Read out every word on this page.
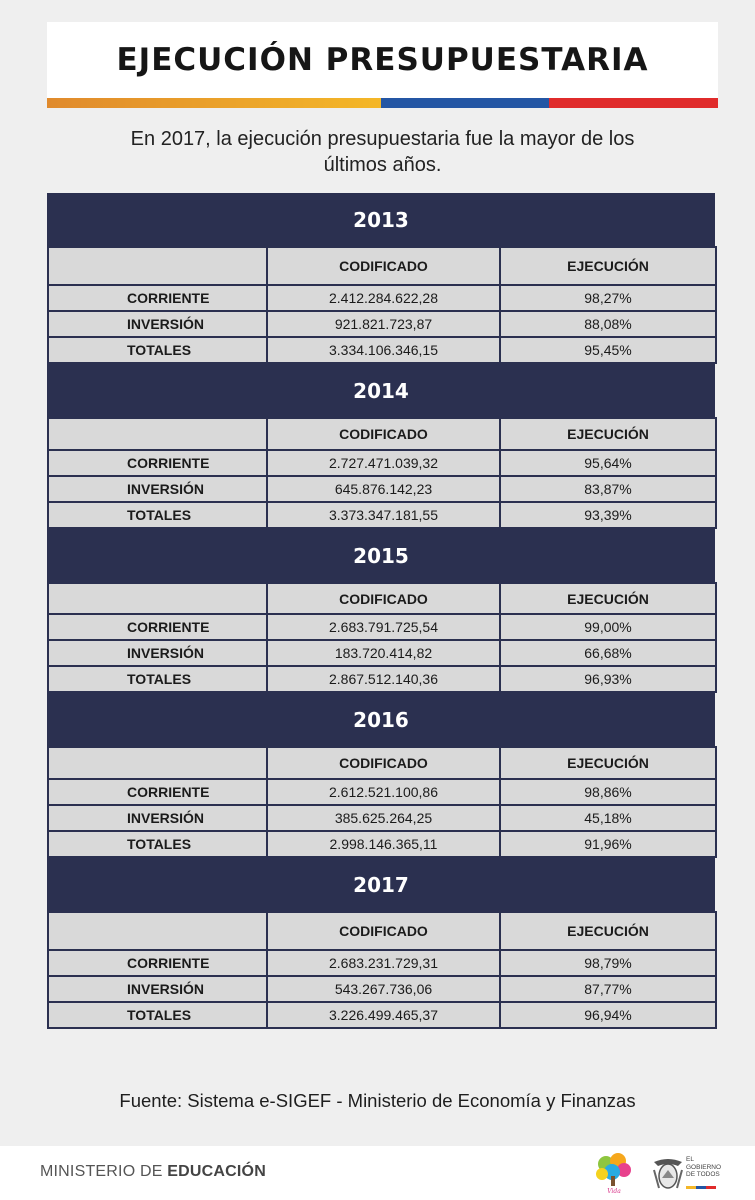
EJECUCIÓN PRESUPUESTARIA
En 2017, la ejecución presupuestaria fue la mayor de los
últimos años.
2013
	CODIFICADO	EJECUCIÓN
CORRIENTE	2.412.284.622,28	98,27%
INVERSIÓN	921.821.723,87	88,08%
TOTALES	3.334.106.346,15	95,45%
2014
	CODIFICADO	EJECUCIÓN
CORRIENTE	2.727.471.039,32	95,64%
INVERSIÓN	645.876.142,23	83,87%
TOTALES	3.373.347.181,55	93,39%
2015
	CODIFICADO	EJECUCIÓN
CORRIENTE	2.683.791.725,54	99,00%
INVERSIÓN	183.720.414,82	66,68%
TOTALES	2.867.512.140,36	96,93%
2016
	CODIFICADO	EJECUCIÓN
CORRIENTE	2.612.521.100,86	98,86%
INVERSIÓN	385.625.264,25	45,18%
TOTALES	2.998.146.365,11	91,96%
2017
	CODIFICADO	EJECUCIÓN
CORRIENTE	2.683.231.729,31	98,79%
INVERSIÓN	543.267.736,06	87,77%
TOTALES	3.226.499.465,37	96,94%
Fuente: Sistema e-SIGEF - Ministerio de Economía y Finanzas
MINISTERIO DE EDUCACIÓN
Vida
EL GOBIERNO DE TODOS
